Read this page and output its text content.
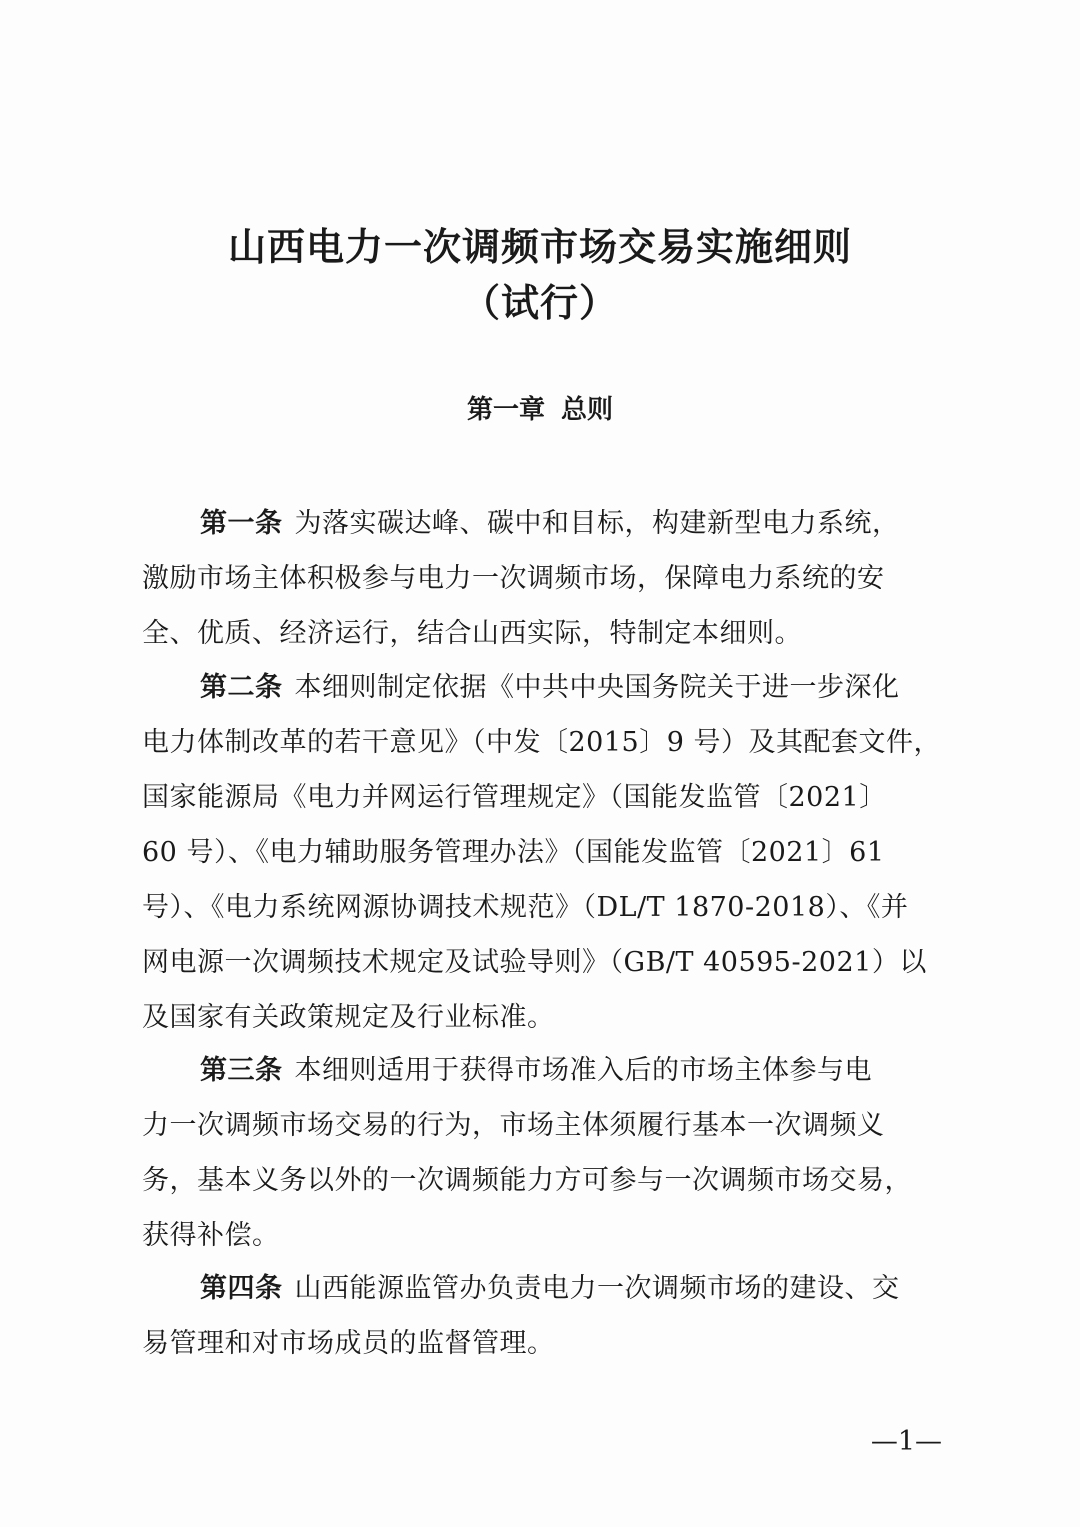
山西电力一次调频市场交易实施细则
（试行）
第一章 总则
第一条 为落实碳达峰、碳中和目标，构建新型电力系统，
激励市场主体积极参与电力一次调频市场，保障电力系统的安
全、优质、经济运行，结合山西实际，特制定本细则。
第二条 本细则制定依据《中共中央国务院关于进一步深化
电力体制改革的若干意见》（中发〔2015〕9 号）及其配套文件，
国家能源局《电力并网运行管理规定》（国能发监管〔2021〕
60 号）、《电力辅助服务管理办法》（国能发监管〔2021〕61
号）、《电力系统网源协调技术规范》（DL/T 1870-2018）、《并
网电源一次调频技术规定及试验导则》（GB/T 40595-2021）以
及国家有关政策规定及行业标准。
第三条 本细则适用于获得市场准入后的市场主体参与电
力一次调频市场交易的行为，市场主体须履行基本一次调频义
务，基本义务以外的一次调频能力方可参与一次调频市场交易，
获得补偿。
第四条 山西能源监管办负责电力一次调频市场的建设、交
易管理和对市场成员的监督管理。
—1—
